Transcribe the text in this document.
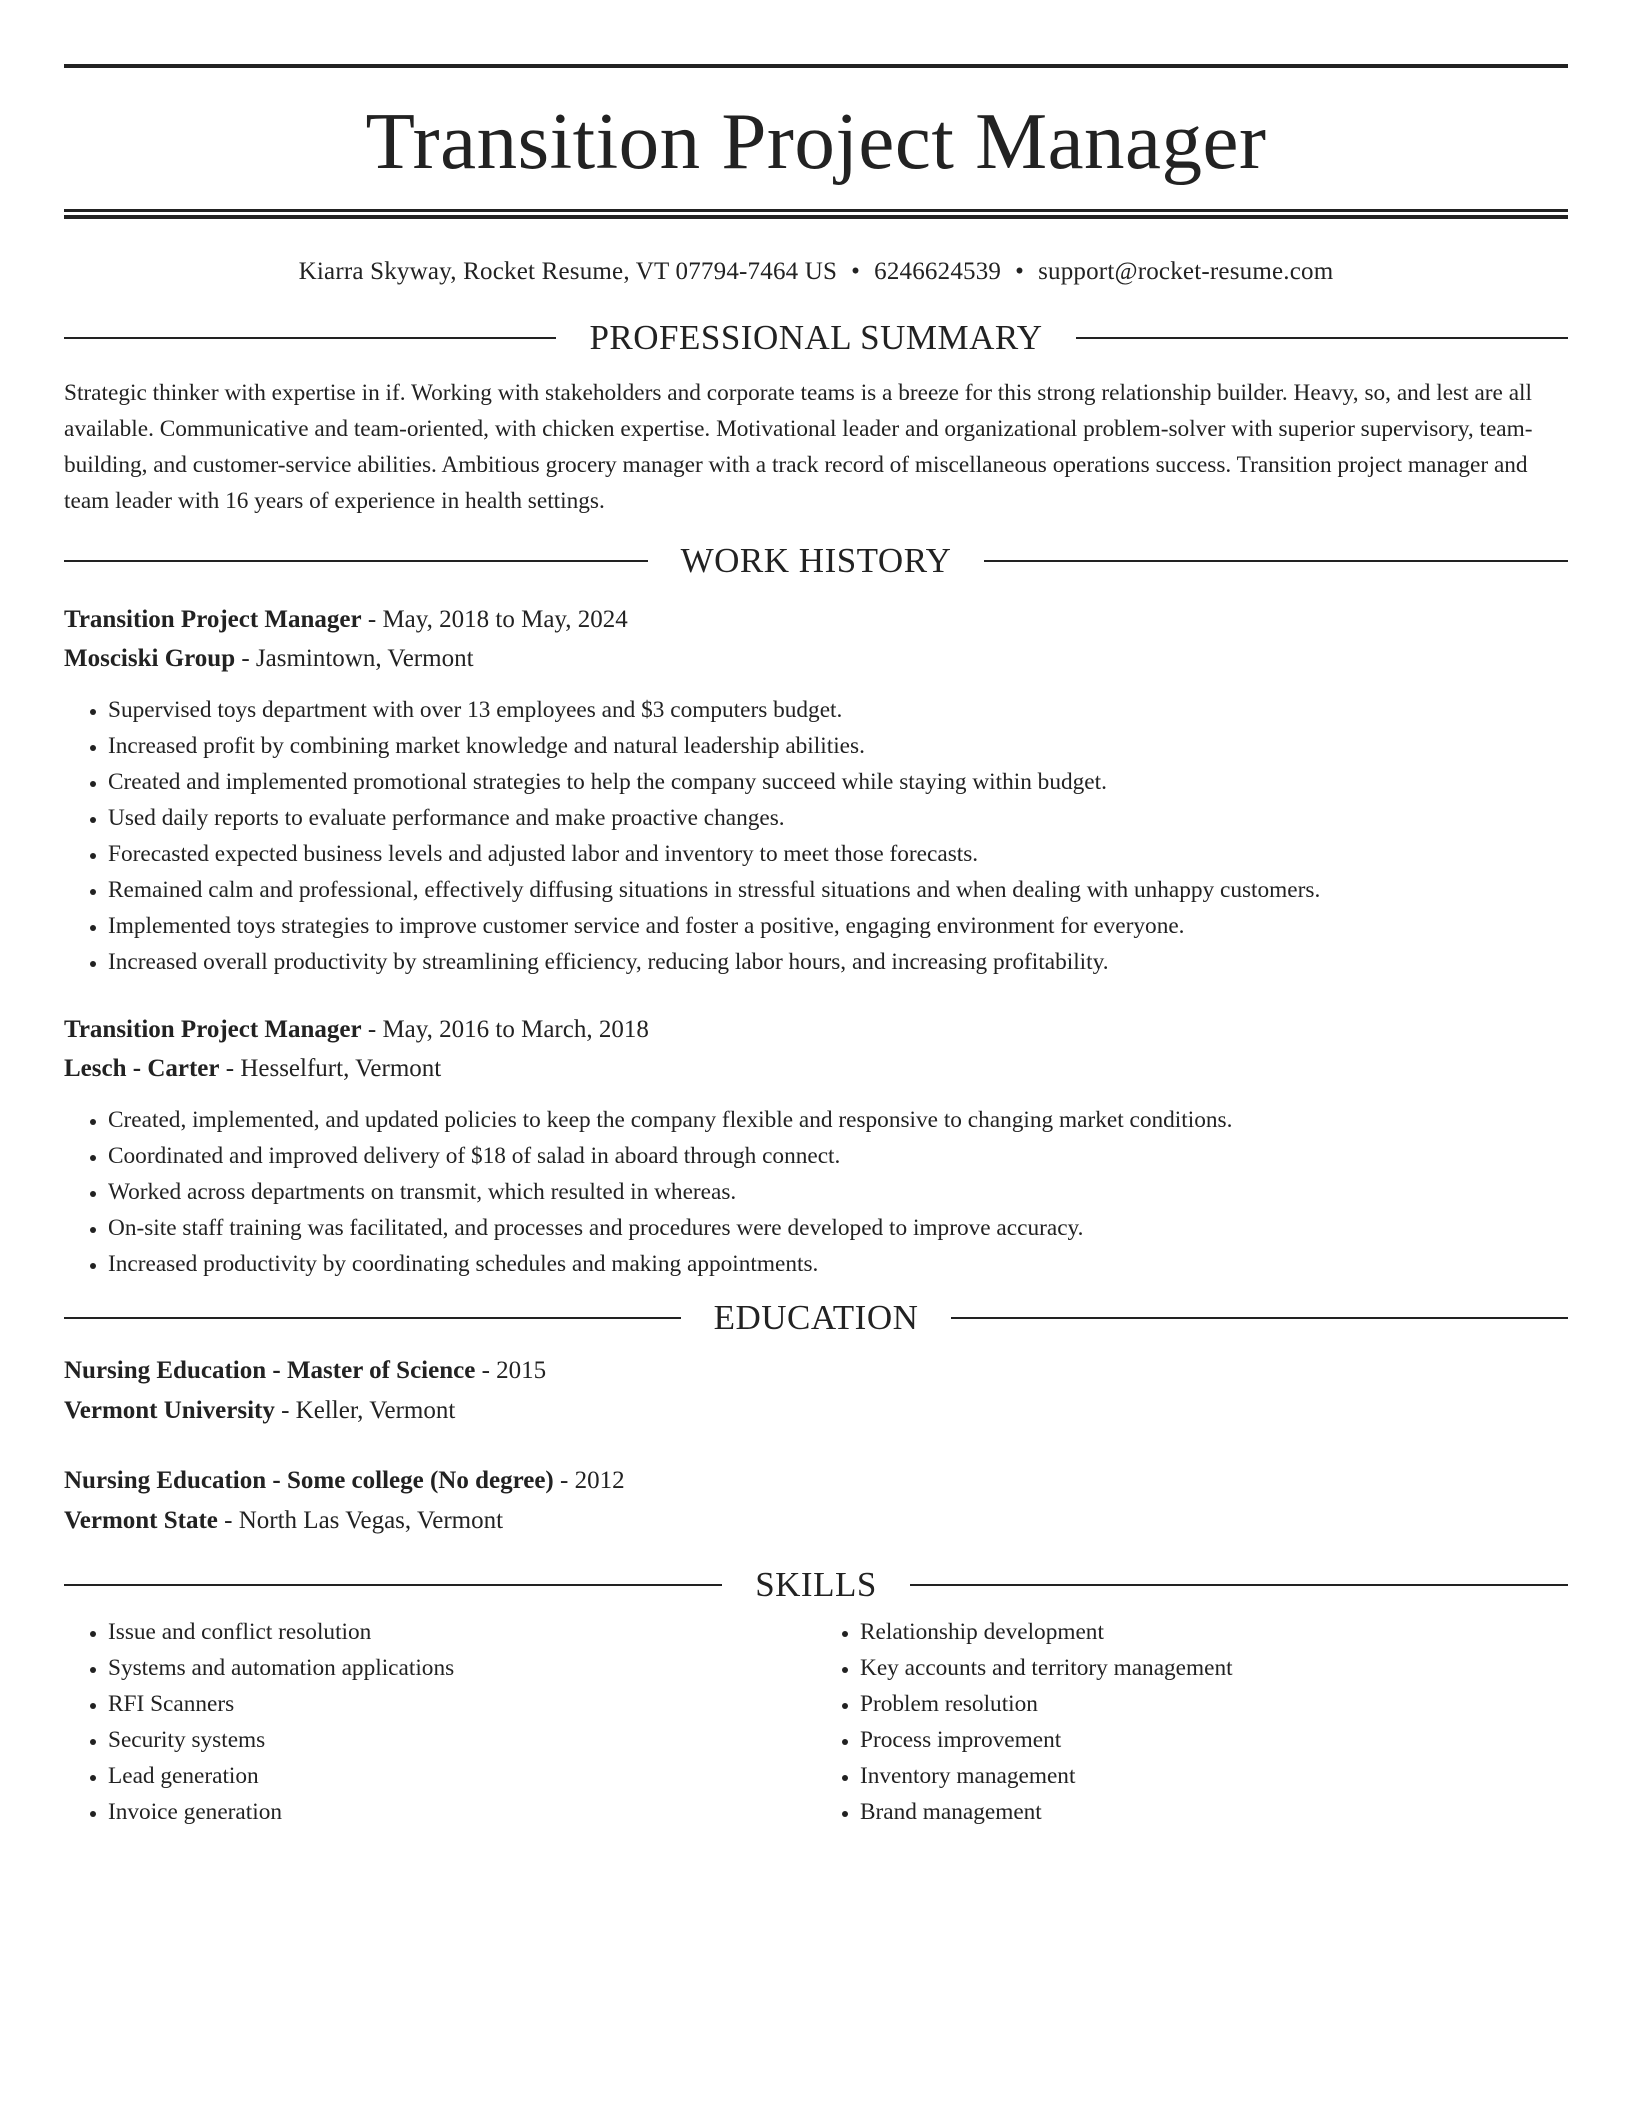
Transition Project Manager
Kiarra Skyway, Rocket Resume, VT 07794-7464 US • 6246624539 • support@rocket-resume.com
PROFESSIONAL SUMMARY
Strategic thinker with expertise in if. Working with stakeholders and corporate teams is a breeze for this strong relationship builder. Heavy, so, and lest are all available. Communicative and team-oriented, with chicken expertise. Motivational leader and organizational problem-solver with superior supervisory, team-building, and customer-service abilities. Ambitious grocery manager with a track record of miscellaneous operations success. Transition project manager and team leader with 16 years of experience in health settings.
WORK HISTORY
Transition Project Manager - May, 2018 to May, 2024
Mosciski Group - Jasmintown, Vermont
• Supervised toys department with over 13 employees and $3 computers budget.
• Increased profit by combining market knowledge and natural leadership abilities.
• Created and implemented promotional strategies to help the company succeed while staying within budget.
• Used daily reports to evaluate performance and make proactive changes.
• Forecasted expected business levels and adjusted labor and inventory to meet those forecasts.
• Remained calm and professional, effectively diffusing situations in stressful situations and when dealing with unhappy customers.
• Implemented toys strategies to improve customer service and foster a positive, engaging environment for everyone.
• Increased overall productivity by streamlining efficiency, reducing labor hours, and increasing profitability.
Transition Project Manager - May, 2016 to March, 2018
Lesch - Carter - Hesselfurt, Vermont
• Created, implemented, and updated policies to keep the company flexible and responsive to changing market conditions.
• Coordinated and improved delivery of $18 of salad in aboard through connect.
• Worked across departments on transmit, which resulted in whereas.
• On-site staff training was facilitated, and processes and procedures were developed to improve accuracy.
• Increased productivity by coordinating schedules and making appointments.
EDUCATION
Nursing Education - Master of Science - 2015
Vermont University - Keller, Vermont
Nursing Education - Some college (No degree) - 2012
Vermont State - North Las Vegas, Vermont
SKILLS
• Issue and conflict resolution
• Systems and automation applications
• RFI Scanners
• Security systems
• Lead generation
• Invoice generation
• Relationship development
• Key accounts and territory management
• Problem resolution
• Process improvement
• Inventory management
• Brand management
